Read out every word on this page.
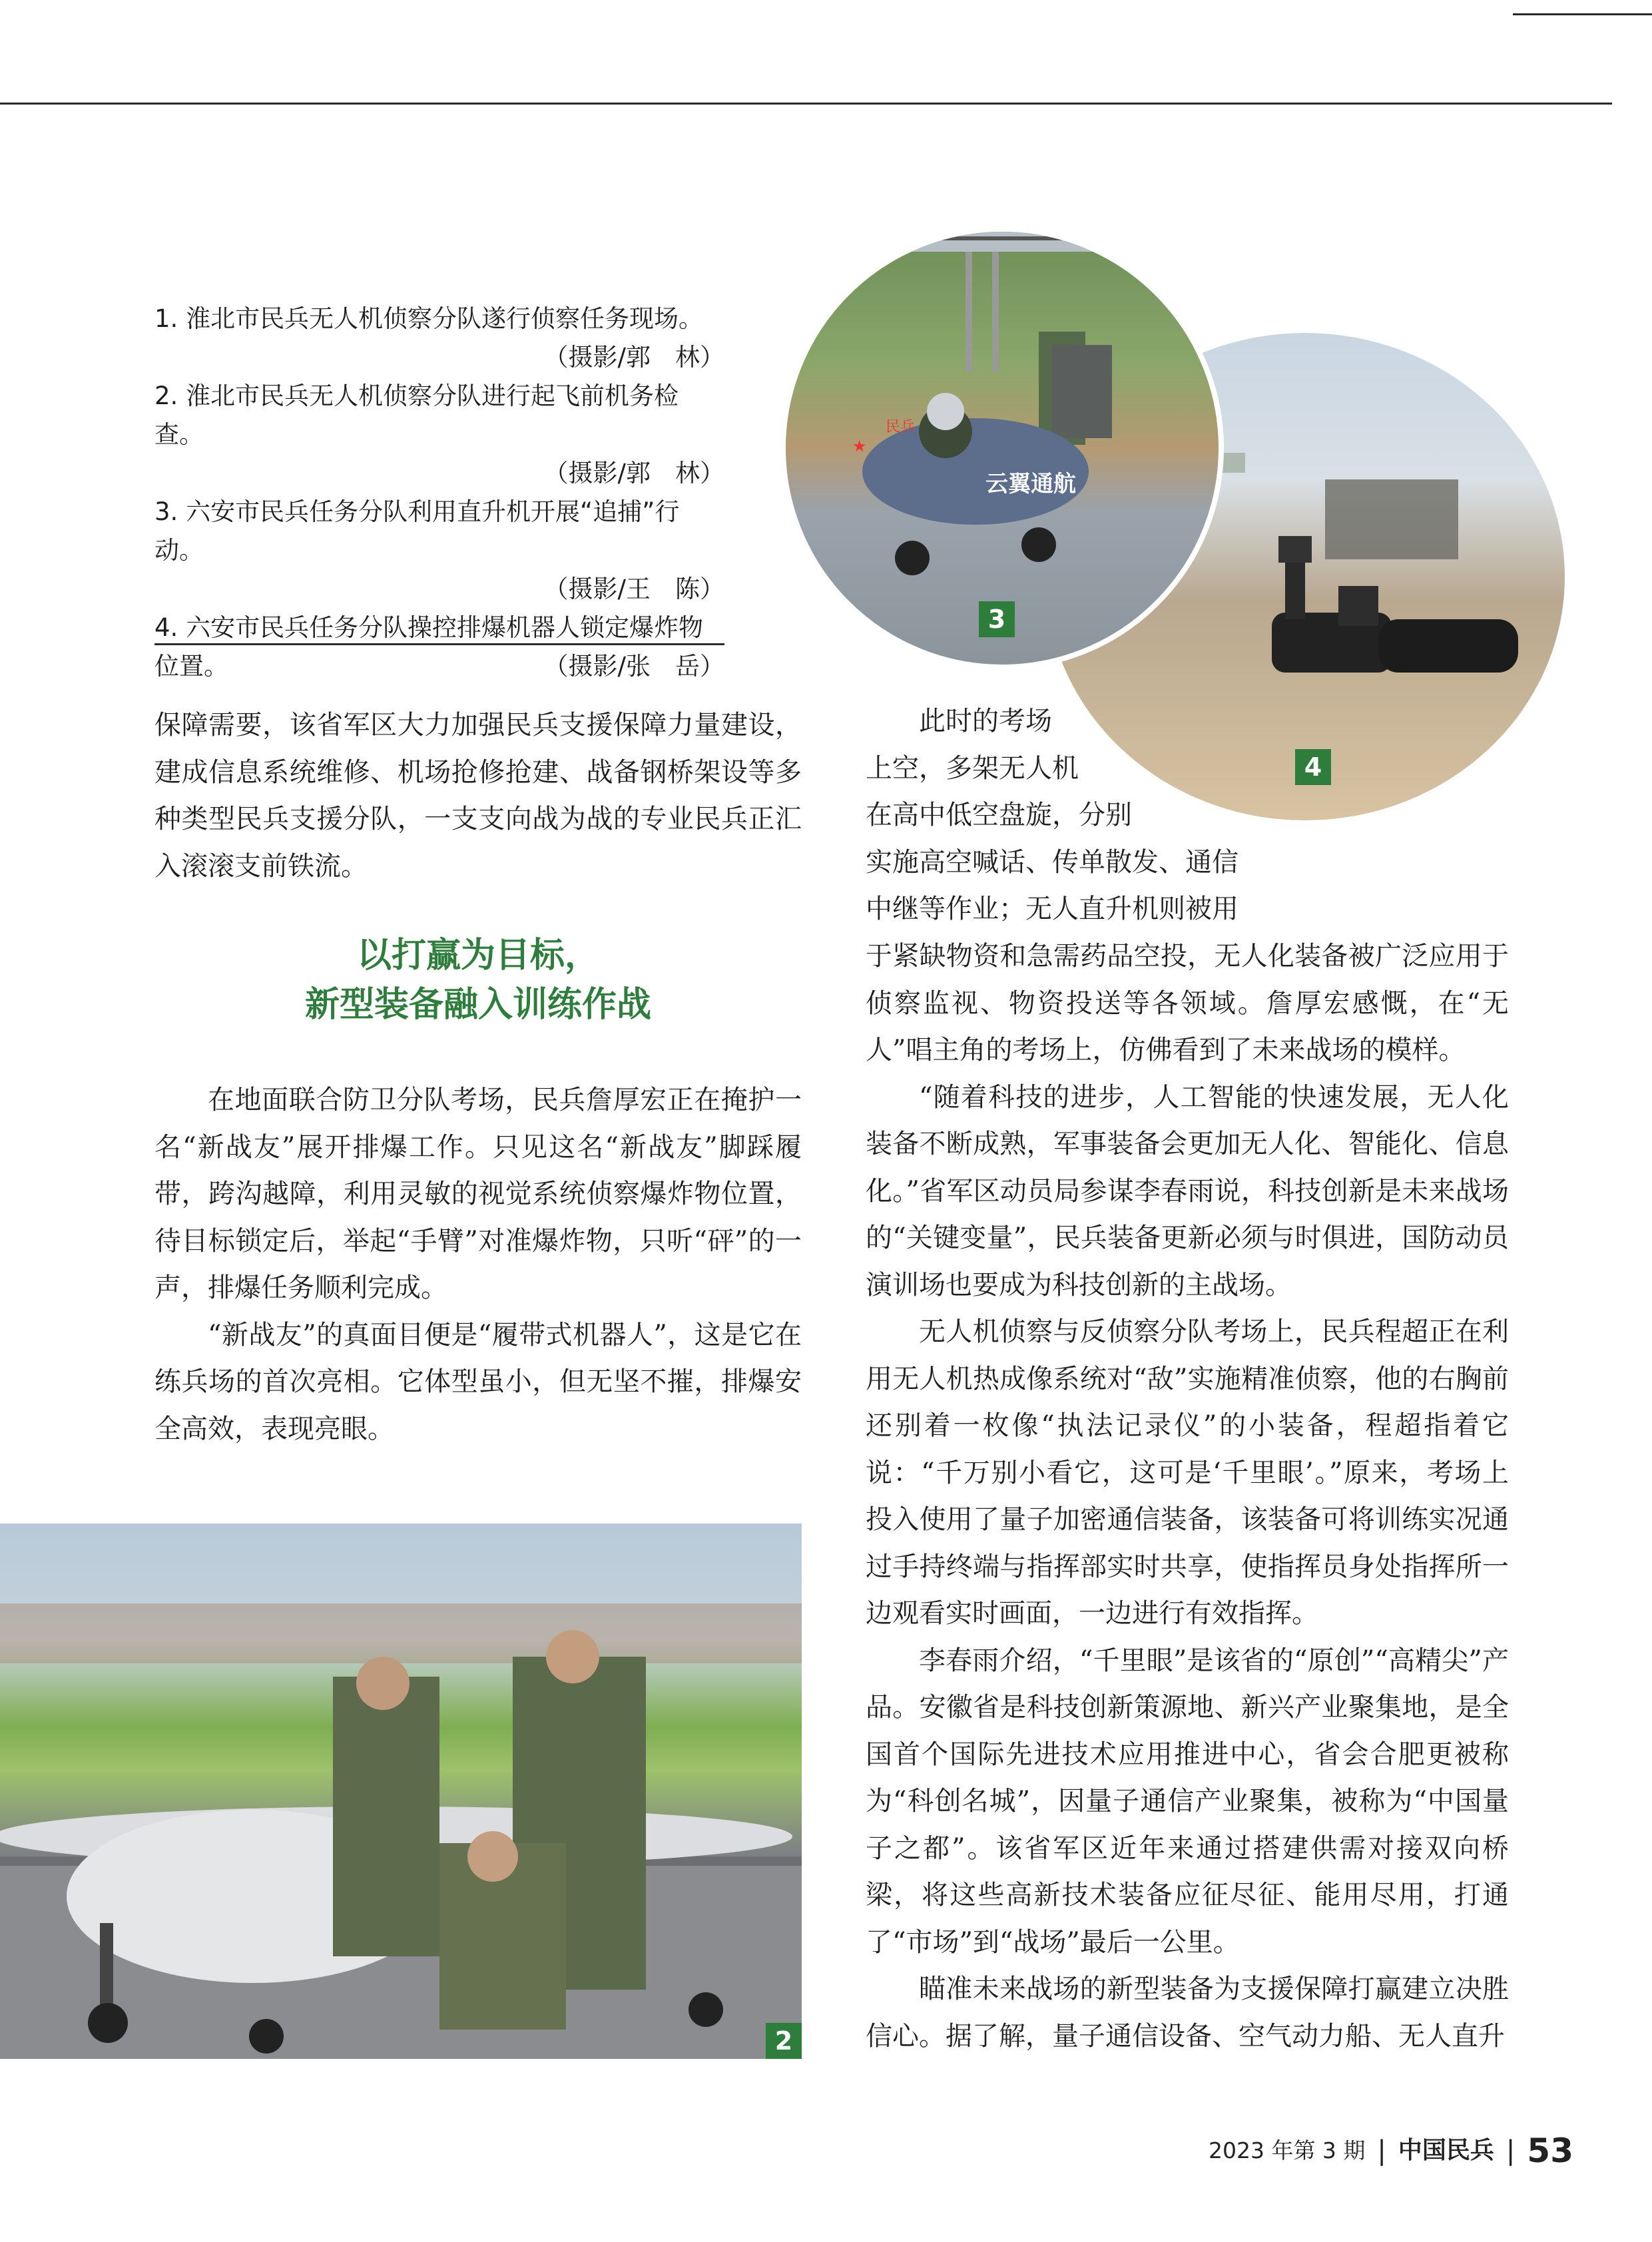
1. 淮北市民兵无人机侦察分队遂行侦察任务现场。
（摄影/郭　林）

2. 淮北市民兵无人机侦察分队进行起飞前机务检查。
（摄影/郭　林）

3. 六安市民兵任务分队利用直升机开展“追捕”行动。
（摄影/王　陈）

4. 六安市民兵任务分队操控排爆机器人锁定爆炸物
位置。	（摄影/张　岳）

保障需要，该省军区大力加强民兵支援保障力量建设，建成信息系统维修、机场抢修抢建、战备钢桥架设等多种类型民兵支援分队，一支支向战为战的专业民兵正汇入滚滚支前铁流。

以打赢为目标，
新型装备融入训练作战

在地面联合防卫分队考场，民兵詹厚宏正在掩护一名“新战友”展开排爆工作。只见这名“新战友”脚踩履带，跨沟越障，利用灵敏的视觉系统侦察爆炸物位置，待目标锁定后，举起“手臂”对准爆炸物，只听“砰”的一声，排爆任务顺利完成。

“新战友”的真面目便是“履带式机器人”，这是它在练兵场的首次亮相。它体型虽小，但无坚不摧，排爆安全高效，表现亮眼。

此时的考场
上空，多架无人机
在高中低空盘旋，分别
实施高空喊话、传单散发、通信
中继等作业；无人直升机则被用

于紧缺物资和急需药品空投，无人化装备被广泛应用于侦察监视、物资投送等各领域。詹厚宏感慨，在“无人”唱主角的考场上，仿佛看到了未来战场的模样。

“随着科技的进步，人工智能的快速发展，无人化装备不断成熟，军事装备会更加无人化、智能化、信息化。”省军区动员局参谋李春雨说，科技创新是未来战场的“关键变量”，民兵装备更新必须与时俱进，国防动员演训场也要成为科技创新的主战场。

无人机侦察与反侦察分队考场上，民兵程超正在利用无人机热成像系统对“敌”实施精准侦察，他的右胸前还别着一枚像“执法记录仪”的小装备，程超指着它说：“千万别小看它，这可是‘千里眼’。”原来，考场上投入使用了量子加密通信装备，该装备可将训练实况通过手持终端与指挥部实时共享，使指挥员身处指挥所一边观看实时画面，一边进行有效指挥。

李春雨介绍，“千里眼”是该省的“原创”“高精尖”产品。安徽省是科技创新策源地、新兴产业聚集地，是全国首个国际先进技术应用推进中心，省会合肥更被称为“科创名城”，因量子通信产业聚集，被称为“中国量子之都”。该省军区近年来通过搭建供需对接双向桥梁，将这些高新技术装备应征尽征、能用尽用，打通了“市场”到“战场”最后一公里。

瞄准未来战场的新型装备为支援保障打赢建立决胜信心。据了解，量子通信设备、空气动力船、无人直升

4
★
云翼通航
民兵
3
2
2023 年第 3 期 | 中国民兵 | 53
